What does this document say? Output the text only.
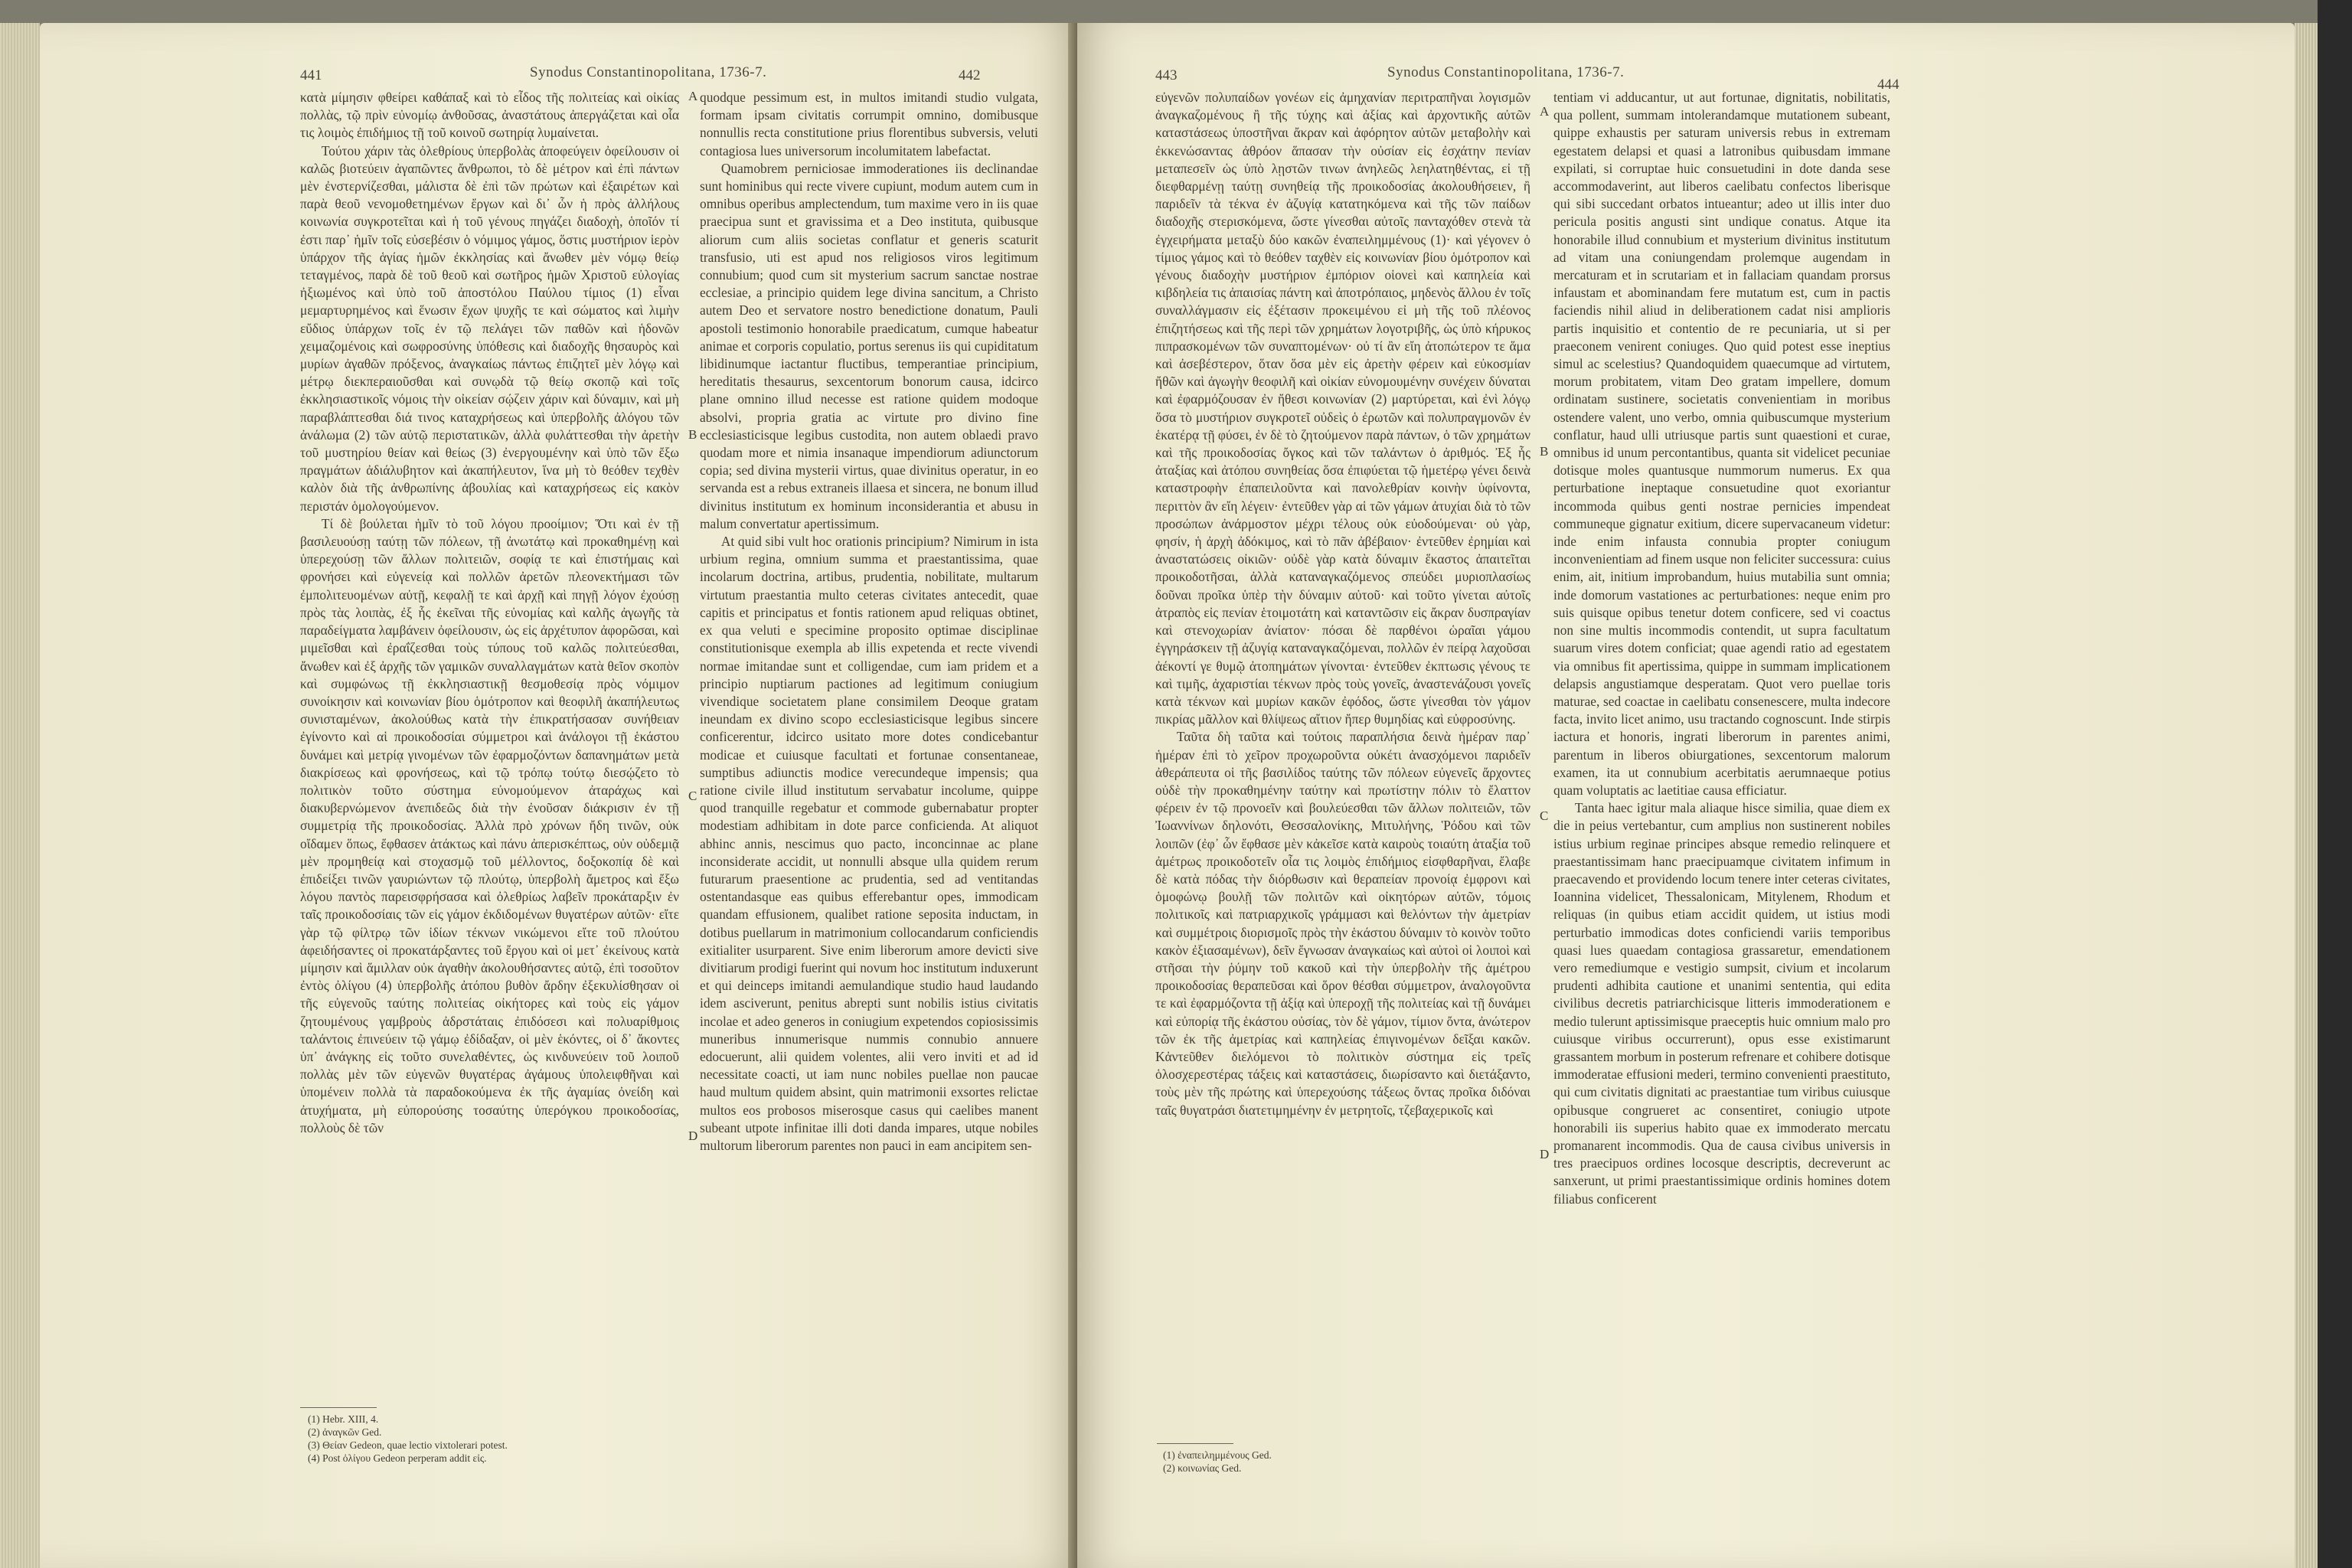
441	Synodus Constantinopolitana, 1736-7.	442

κατὰ μίμησιν φθείρει καθάπαξ καὶ τὸ εἶδος τῆς πολιτείας καὶ οἰκίας πολλὰς, τῷ πρὶν εὐνομίῳ ἀνθοῦσας, ἀναστάτους ἀπεργάζεται καὶ οἷα τις λοιμὸς ἐπιδήμιος τῇ τοῦ κοινοῦ σωτηρίᾳ λυμαίνεται.

Τούτου χάριν τὰς ὀλεθρίους ὑπερβολὰς ἀποφεύγειν ὀφείλουσιν οἱ καλῶς βιοτεύειν ἀγαπῶντες ἄνθρωποι, τὸ δὲ μέτρον καὶ ἐπὶ πάντων μὲν ἐνστερνίζεσθαι, μάλιστα δὲ ἐπὶ τῶν πρώτων καὶ ἐξαιρέτων καὶ παρὰ θεοῦ νενομοθετημένων ἔργων καὶ δι᾽ ὧν ἡ πρὸς ἀλλήλους κοινωνία συγκροτεῖται καὶ ἡ τοῦ γένους πηγάζει διαδοχὴ, ὁποῖόν τί ἐστι παρ᾽ ἡμῖν τοῖς εὐσεβέσιν ὁ νόμιμος γάμος, ὅστις μυστήριον ἱερὸν ὑπάρχον τῆς ἁγίας ἡμῶν ἐκκλησίας καὶ ἄνωθεν μὲν νόμῳ θείῳ τεταγμένος, παρὰ δὲ τοῦ θεοῦ καὶ σωτῆρος ἡμῶν Χριστοῦ εὐλογίας ἠξιωμένος καὶ ὑπὸ τοῦ ἀποστόλου Παύλου τίμιος (1) εἶναι μεμαρτυρημένος καὶ ἕνωσιν ἔχων ψυχῆς τε καὶ σώματος καὶ λιμὴν εὔδιος ὑπάρχων τοῖς ἐν τῷ πελάγει τῶν παθῶν καὶ ἡδονῶν χειμαζομένοις καὶ σωφροσύνης ὑπόθεσις καὶ διαδοχῆς θησαυρὸς καὶ μυρίων ἀγαθῶν πρόξενος, ἀναγκαίως πάντως ἐπιζητεῖ μὲν λόγῳ καὶ μέτρῳ διεκπεραιοῦσθαι καὶ συνῳδὰ τῷ θείῳ σκοπῷ καὶ τοῖς ἐκκλησιαστικοῖς νόμοις τὴν οἰκείαν σῴζειν χάριν καὶ δύναμιν, καὶ μὴ παραβλάπτεσθαι διά τινος καταχρήσεως καὶ ὑπερβολῆς ἀλόγου τῶν ἀνάλωμα (2) τῶν αὐτῷ περιστατικῶν, ἀλλὰ φυλάττεσθαι τὴν ἀρετὴν τοῦ μυστηρίου θείαν καὶ θείως (3) ἐνεργουμένην καὶ ὑπὸ τῶν ἔξω πραγμάτων ἀδιάλυβητον καὶ ἀκαπήλευτον, ἵνα μὴ τὸ θεόθεν τεχθὲν καλὸν διὰ τῆς ἀνθρωπίνης ἀβουλίας καὶ καταχρήσεως εἰς κακὸν περιστάν ὁμολογούμενον.

Τί δὲ βούλεται ἡμῖν τὸ τοῦ λόγου προοίμιον; Ὅτι καὶ ἐν τῇ βασιλευούσῃ ταύτῃ τῶν πόλεων, τῇ ἀνωτάτῳ καὶ προκαθημένῃ καὶ ὑπερεχούσῃ τῶν ἄλλων πολιτειῶν, σοφίᾳ τε καὶ ἐπιστήμαις καὶ φρονήσει καὶ εὐγενείᾳ καὶ πολλῶν ἀρετῶν πλεονεκτήμασι τῶν ἐμπολιτευομένων αὐτῇ, κεφαλῇ τε καὶ ἀρχῇ καὶ πηγῇ λόγον ἐχούσῃ πρὸς τὰς λοιπὰς, ἐξ ἧς ἐκεῖναι τῆς εὐνομίας καὶ καλῆς ἀγωγῆς τὰ παραδείγματα λαμβάνειν ὀφείλουσιν, ὡς εἰς ἀρχέτυπον ἀφορῶσαι, καὶ μιμεῖσθαι καὶ ἐραΐζεσθαι τοὺς τύπους τοῦ καλῶς πολιτεύεσθαι, ἄνωθεν καὶ ἐξ ἀρχῆς τῶν γαμικῶν συναλλαγμάτων κατὰ θεῖον σκοπὸν καὶ συμφώνως τῇ ἐκκλησιαστικῇ θεσμοθεσίᾳ πρὸς νόμιμον συνοίκησιν καὶ κοινωνίαν βίου ὁμότροπον καὶ θεοφιλῆ ἀκαπήλευτως συνισταμένων, ἀκολούθως κατὰ τὴν ἐπικρατήσασαν συνήθειαν ἐγίνοντο καὶ αἱ προικοδοσίαι σύμμετροι καὶ ἀνάλογοι τῇ ἑκάστου δυνάμει καὶ μετρίᾳ γινομένων τῶν ἐφαρμοζόντων δαπανημάτων μετὰ διακρίσεως καὶ φρονήσεως, καὶ τῷ τρόπῳ τούτῳ διεσῴζετο τὸ πολιτικὸν τοῦτο σύστημα εὐνομούμενον ἀταράχως καὶ διακυβερνώμενον ἀνεπιδεῶς διὰ τὴν ἐνοῦσαν διάκρισιν ἐν τῇ συμμετρίᾳ τῆς προικοδοσίας. Ἀλλὰ πρὸ χρόνων ἤδη τινῶν, οὐκ οἴδαμεν ὅπως, ἔφθασεν ἀτάκτως καὶ πάνυ ἀπερισκέπτως, οὐν οὐδεμιᾷ μὲν προμηθείᾳ καὶ στοχασμῷ τοῦ μέλλοντος, δοξοκοπίᾳ δὲ καὶ ἐπιδείξει τινῶν γαυριώντων τῷ πλούτῳ, ὑπερβολὴ ἄμετρος καὶ ἔξω λόγου παντὸς παρεισφρήσασα καὶ ὀλεθρίως λαβεῖν προκάταρξιν ἐν ταῖς προικοδοσίαις τῶν εἰς γάμον ἐκδιδομένων θυγατέρων αὐτῶν· εἴτε γὰρ τῷ φίλτρῳ τῶν ἰδίων τέκνων νικώμενοι εἴτε τοῦ πλούτου ἀφειδήσαντες οἱ προκατάρξαντες τοῦ ἔργου καὶ οἱ μετ᾽ ἐκείνους κατὰ μίμησιν καὶ ἅμιλλαν οὐκ ἀγαθὴν ἀκολουθήσαντες αὐτῷ, ἐπὶ τοσοῦτον ἐντὸς ὀλίγου (4) ὑπερβολῆς ἀτόπου βυθὸν ἄρδην ἐξεκυλίσθησαν οἱ τῆς εὐγενοῦς ταύτης πολιτείας οἰκήτορες καὶ τοὺς εἰς γάμον ζητουμένους γαμβροὺς ἀδρστάταις ἐπιδόσεσι καὶ πολυαρίθμοις ταλάντοις ἐπινεύειν τῷ γάμῳ ἐδίδαξαν, οἱ μὲν ἑκόντες, οἱ δ᾽ ἄκοντες ὑπ᾽ ἀνάγκης εἰς τοῦτο συνελαθέντες, ὡς κινδυνεύειν τοῦ λοιποῦ πολλὰς μὲν τῶν εὐγενῶν θυγατέρας ἀγάμους ὑπολειφθῆναι καὶ ὑπομένειν πολλὰ τὰ παραδοκούμενα ἐκ τῆς ἀγαμίας ὀνείδη καὶ ἀτυχήματα, μὴ εὐπορούσης τοσαύτης ὑπερόγκου προικοδοσίας, πολλοὺς δὲ τῶν

A
B
C
D

quodque pessimum est, in multos imitandi studio vulgata, formam ipsam civitatis corrumpit omnino, domibusque nonnullis recta constitutione prius florentibus subversis, veluti contagiosa lues universorum incolumitatem labefactat.

Quamobrem perniciosae immoderationes iis declinandae sunt hominibus qui recte vivere cupiunt, modum autem cum in omnibus operibus amplectendum, tum maxime vero in iis quae praecipua sunt et gravissima et a Deo instituta, quibusque aliorum cum aliis societas conflatur et generis scaturit transfusio, uti est apud nos religiosos viros legitimum connubium; quod cum sit mysterium sacrum sanctae nostrae ecclesiae, a principio quidem lege divina sancitum, a Christo autem Deo et servatore nostro benedictione donatum, Pauli apostoli testimonio honorabile praedicatum, cumque habeatur animae et corporis copulatio, portus serenus iis qui cupiditatum libidinumque iactantur fluctibus, temperantiae principium, hereditatis thesaurus, sexcentorum bonorum causa, idcirco plane omnino illud necesse est ratione quidem modoque absolvi, propria gratia ac virtute pro divino fine ecclesiasticisque legibus custodita, non autem oblaedi pravo quodam more et nimia insanaque impendiorum adiunctorum copia; sed divina mysterii virtus, quae divinitus operatur, in eo servanda est a rebus extraneis illaesa et sincera, ne bonum illud divinitus institutum ex hominum inconsiderantia et abusu in malum convertatur apertissimum.

At quid sibi vult hoc orationis principium? Nimirum in ista urbium regina, omnium summa et praestantissima, quae incolarum doctrina, artibus, prudentia, nobilitate, multarum virtutum praestantia multo ceteras civitates antecedit, quae capitis et principatus et fontis rationem apud reliquas obtinet, ex qua veluti e specimine proposito optimae disciplinae constitutionisque exempla ab illis expetenda et recte vivendi normae imitandae sunt et colligendae, cum iam pridem et a principio nuptiarum pactiones ad legitimum coniugium vivendique societatem plane consimilem Deoque gratam ineundam ex divino scopo ecclesiasticisque legibus sincere conficerentur, idcirco usitato more dotes condicebantur modicae et cuiusque facultati et fortunae consentaneae, sumptibus adiunctis modice verecundeque impensis; qua ratione civile illud institutum servabatur incolume, quippe quod tranquille regebatur et commode gubernabatur propter modestiam adhibitam in dote parce conficienda. At aliquot abhinc annis, nescimus quo pacto, inconcinnae ac plane inconsiderate accidit, ut nonnulli absque ulla quidem rerum futurarum praesentione ac prudentia, sed ad ventitandas ostentandasque eas quibus efferebantur opes, immodicam quandam effusionem, qualibet ratione seposita inductam, in dotibus puellarum in matrimonium collocandarum conficiendis exitialiter usurparent. Sive enim liberorum amore devicti sive divitiarum prodigi fuerint qui novum hoc institutum induxerunt et qui deinceps imitandi aemulandique studio haud laudando idem asciverunt, penitus abrepti sunt nobilis istius civitatis incolae et adeo generos in coniugium expetendos copiosissimis muneribus innumerisque nummis connubio annuere edocuerunt, alii quidem volentes, alii vero inviti et ad id necessitate coacti, ut iam nunc nobiles puellae non paucae haud multum quidem absint, quin matrimonii exsortes relictae multos eos probosos miserosque casus qui caelibes manent subeant utpote infinitae illi doti danda impares, utque nobiles multorum liberorum parentes non pauci in eam ancipitem sen-

(1) Hebr. XIII, 4.
(2) ἀναγκῶν Ged.
(3) Θείαν Gedeon, quae lectio vixtolerari potest.
(4) Post ὀλίγου Gedeon perperam addit εἰς.
443	Synodus Constantinopolitana, 1736-7.
444

εὐγενῶν πολυπαίδων γονέων εἰς ἀμηχανίαν περιτραπῆναι λογισμῶν ἀναγκαζομένους ἢ τῆς τύχης καὶ ἀξίας καὶ ἀρχοντικῆς αὐτῶν καταστάσεως ὑποστῆναι ἄκραν καὶ ἀφόρητον αὐτῶν μεταβολὴν καὶ ἐκκενώσαντας ἀθρόον ἅπασαν τὴν οὐσίαν εἰς ἐσχάτην πενίαν μεταπεσεῖν ὡς ὑπὸ λῃστῶν τινων ἀνηλεῶς λεηλατηθέντας, εἰ τῇ διεφθαρμένῃ ταύτῃ συνηθείᾳ τῆς προικοδοσίας ἀκολουθήσειεν, ἢ παριδεῖν τὰ τέκνα ἐν ἀζυγίᾳ κατατηκόμενα καὶ τῆς τῶν παίδων διαδοχῆς στερισκόμενα, ὥστε γίνεσθαι αὐτοῖς πανταχόθεν στενὰ τὰ ἐγχειρήματα μεταξὺ δύο κακῶν ἐναπειλημμένους (1)· καὶ γέγονεν ὁ τίμιος γάμος καὶ τὸ θεόθεν ταχθὲν εἰς κοινωνίαν βίου ὁμότροπον καὶ γένους διαδοχὴν μυστήριον ἐμπόριον οἱονεὶ καὶ καπηλεία καὶ κιβδηλεία τις ἀπαισίας πάντη καὶ ἀποτρόπαιος, μηδενὸς ἄλλου ἐν τοῖς συναλλάγμασιν εἰς ἐξέτασιν προκειμένου εἰ μὴ τῆς τοῦ πλέονος ἐπιζητήσεως καὶ τῆς περὶ τῶν χρημάτων λογοτριβῆς, ὡς ὑπὸ κήρυκος πιπρασκομένων τῶν συναπτομένων· οὐ τί ἂν εἴη ἀτοπώτερον τε ἅμα καὶ ἀσεβέστερον, ὅταν ὅσα μὲν εἰς ἀρετὴν φέρειν καὶ εὐκοσμίαν ἤθῶν καὶ ἀγωγὴν θεοφιλῆ καὶ οἰκίαν εὐνομουμένην συνέχειν δύναται καὶ ἐφαρμόζουσαν ἐν ἤθεσι κοινωνίαν (2) μαρτύρεται, καὶ ἐνὶ λόγῳ ὅσα τὸ μυστήριον συγκροτεῖ οὐδεὶς ὁ ἐρωτῶν καὶ πολυπραγμονῶν ἐν ἑκατέρᾳ τῇ φύσει, ἐν δὲ τὸ ζητούμενον παρὰ πάντων, ὁ τῶν χρημάτων καὶ τῆς προικοδοσίας ὄγκος καὶ τῶν ταλάντων ὁ ἀριθμός. Ἐξ ἧς ἀταξίας καὶ ἀτόπου συνηθείας ὅσα ἐπιφύεται τῷ ἡμετέρῳ γένει δεινὰ καταστροφὴν ἐπαπειλοῦντα καὶ πανολεθρίαν κοινὴν ὑφίνοντα, περιττὸν ἂν εἴη λέγειν· ἐντεῦθεν γὰρ αἱ τῶν γάμων ἀτυχίαι διὰ τὸ τῶν προσώπων ἀνάρμοστον μέχρι τέλους οὐκ εὐοδούμεναι· οὐ γὰρ, φησίν, ἡ ἀρχὴ ἀδόκιμος, καὶ τὸ πᾶν ἀβέβαιον· ἐντεῦθεν ἐρημίαι καὶ ἀναστατώσεις οἰκιῶν· οὐδὲ γὰρ κατὰ δύναμιν ἕκαστος ἀπαιτεῖται προικοδοτῆσαι, ἀλλὰ καταναγκαζόμενος σπεύδει μυριοπλασίως δοῦναι προῖκα ὑπὲρ τὴν δύναμιν αὐτοῦ· καὶ τοῦτο γίνεται αὐτοῖς ἀτραπὸς εἰς πενίαν ἑτοιμοτάτη καὶ καταντῶσιν εἰς ἄκραν δυσπραγίαν καὶ στενοχωρίαν ἀνίατον· πόσαι δὲ παρθένοι ὡραῖαι γάμου ἐγγηράσκειν τῇ ἀζυγίᾳ καταναγκαζόμεναι, πολλῶν ἐν πείρᾳ λαχοῦσαι ἀέκοντί γε θυμῷ ἀτοπημάτων γίνονται· ἐντεῦθεν ἐκπτωσις γένους τε καὶ τιμῆς, ἀχαριστίαι τέκνων πρὸς τοὺς γονεῖς, ἀναστενάζουσι γονεῖς κατὰ τέκνων καὶ μυρίων κακῶν ἐφόδος, ὥστε γίνεσθαι τὸν γάμον πικρίας μᾶλλον καὶ θλίψεως αἴτιον ἤπερ θυμηδίας καὶ εὐφροσύνης.

Ταῦτα δὴ ταῦτα καὶ τούτοις παραπλήσια δεινὰ ἡμέραν παρ᾽ ἡμέραν ἐπὶ τὸ χεῖρον προχωροῦντα οὐκέτι ἀνασχόμενοι παριδεῖν ἀθεράπευτα οἱ τῆς βασιλίδος ταύτης τῶν πόλεων εὐγενεῖς ἄρχοντες οὐδὲ τὴν προκαθημένην ταύτην καὶ πρωτίστην πόλιν τὸ ἔλαττον φέρειν ἐν τῷ προνοεῖν καὶ βουλεύεσθαι τῶν ἄλλων πολιτειῶν, τῶν Ἰωαννίνων δηλονότι, Θεσσαλονίκης, Μιτυλήνης, Ῥόδου καὶ τῶν λοιπῶν (ἐφ᾽ ὧν ἔφθασε μὲν κἀκεῖσε κατὰ καιροὺς τοιαύτη ἀταξία τοῦ ἀμέτρως προικοδοτεῖν οἷα τις λοιμὸς ἐπιδήμιος εἰσφθαρῆναι, ἔλαβε δὲ κατὰ πόδας τὴν διόρθωσιν καὶ θεραπείαν προνοίᾳ ἐμφρονι καὶ ὁμοφώνῳ βουλῇ τῶν πολιτῶν καὶ οἰκητόρων αὐτῶν, τόμοις πολιτικοῖς καὶ πατριαρχικοῖς γράμμασι καὶ θελόντων τὴν ἀμετρίαν καὶ συμμέτροις διορισμοῖς πρὸς τὴν ἑκάστου δύναμιν τὸ κοινὸν τοῦτο κακὸν ἐξιασαμένων), δεῖν ἔγνωσαν ἀναγκαίως καὶ αὐτοὶ οἱ λοιποὶ καὶ στῆσαι τὴν ῥύμην τοῦ κακοῦ καὶ τὴν ὑπερβολὴν τῆς ἀμέτρου προικοδοσίας θεραπεῦσαι καὶ ὅρον θέσθαι σύμμετρον, ἀναλογοῦντα τε καὶ ἐφαρμόζοντα τῇ ἀξίᾳ καὶ ὑπεροχῇ τῆς πολιτείας καὶ τῇ δυνάμει καὶ εὐπορίᾳ τῆς ἑκάστου οὐσίας, τὸν δὲ γάμον, τίμιον ὄντα, ἀνώτερον τῶν ἐκ τῆς ἀμετρίας καὶ καπηλείας ἐπιγινομένων δεῖξαι κακῶν. Κἀντεῦθεν διελόμενοι τὸ πολιτικὸν σύστημα εἰς τρεῖς ὁλοσχερεστέρας τάξεις καὶ καταστάσεις, διωρίσαντο καὶ διετάξαντο, τοὺς μὲν τῆς πρώτης καὶ ὑπερεχούσης τάξεως ὄντας προῖκα διδόναι ταῖς θυγατράσι διατετιμημένην ἐν μετρητοῖς, τζεβαχερικοῖς καὶ

A
B
C
D

tentiam vi adducantur, ut aut fortunae, dignitatis, nobilitatis, qua pollent, summam intolerandamque mutationem subeant, quippe exhaustis per saturam universis rebus in extremam egestatem delapsi et quasi a latronibus quibusdam immane expilati, si corruptae huic consuetudini in dote danda sese accommodaverint, aut liberos caelibatu confectos liberisque qui sibi succedant orbatos intueantur; adeo ut illis inter duo pericula positis angusti sint undique conatus. Atque ita honorabile illud connubium et mysterium divinitus institutum ad vitam una coniungendam prolemque augendam in mercaturam et in scrutariam et in fallaciam quandam prorsus infaustam et abominandam fere mutatum est, cum in pactis faciendis nihil aliud in deliberationem cadat nisi amplioris partis inquisitio et contentio de re pecuniaria, ut si per praeconem venirent coniuges. Quo quid potest esse ineptius simul ac scelestius? Quandoquidem quaecumque ad virtutem, morum probitatem, vitam Deo gratam impellere, domum ordinatam sustinere, societatis convenientiam in moribus ostendere valent, uno verbo, omnia quibuscumque mysterium conflatur, haud ulli utriusque partis sunt quaestioni et curae, omnibus id unum percontantibus, quanta sit videlicet pecuniae dotisque moles quantusque nummorum numerus. Ex qua perturbatione ineptaque consuetudine quot exoriantur incommoda quibus genti nostrae pernicies impendeat communeque gignatur exitium, dicere supervacaneum videtur: inde enim infausta connubia propter coniugum inconvenientiam ad finem usque non feliciter successura: cuius enim, ait, initium improbandum, huius mutabilia sunt omnia; inde domorum vastationes ac perturbationes: neque enim pro suis quisque opibus tenetur dotem conficere, sed vi coactus non sine multis incommodis contendit, ut supra facultatum suarum vires dotem conficiat; quae agendi ratio ad egestatem via omnibus fit apertissima, quippe in summam implicationem delapsis angustiamque desperatam. Quot vero puellae toris maturae, sed coactae in caelibatu consenescere, multa indecore facta, invito licet animo, usu tractando cognoscunt. Inde stirpis iactura et honoris, ingrati liberorum in parentes animi, parentum in liberos obiurgationes, sexcentorum malorum examen, ita ut connubium acerbitatis aerumnaeque potius quam voluptatis ac laetitiae causa efficiatur.

Tanta haec igitur mala aliaque hisce similia, quae diem ex die in peius vertebantur, cum amplius non sustinerent nobiles istius urbium reginae principes absque remedio relinquere et praestantissimam hanc praecipuamque civitatem infimum in praecavendo et providendo locum tenere inter ceteras civitates, Ioannina videlicet, Thessalonicam, Mitylenem, Rhodum et reliquas (in quibus etiam accidit quidem, ut istius modi perturbatio immodicas dotes conficiendi variis temporibus quasi lues quaedam contagiosa grassaretur, emendationem vero remediumque e vestigio sumpsit, civium et incolarum prudenti adhibita cautione et unanimi sententia, qui edita civilibus decretis patriarchicisque litteris immoderationem e medio tulerunt aptissimisque praeceptis huic omnium malo pro cuiusque viribus occurrerunt), opus esse existimarunt grassantem morbum in posterum refrenare et cohibere dotisque immoderatae effusioni mederi, termino convenienti praestituto, qui cum civitatis dignitati ac praestantiae tum viribus cuiusque opibusque congrueret ac consentiret, coniugio utpote honorabili iis superius habito quae ex immoderato mercatu promanarent incommodis. Qua de causa civibus universis in tres praecipuos ordines locosque descriptis, decreverunt ac sanxerunt, ut primi praestantissimique ordinis homines dotem filiabus conficerent

(1) ἐναπειλημμένους Ged.
(2) κοινωνίας Ged.
